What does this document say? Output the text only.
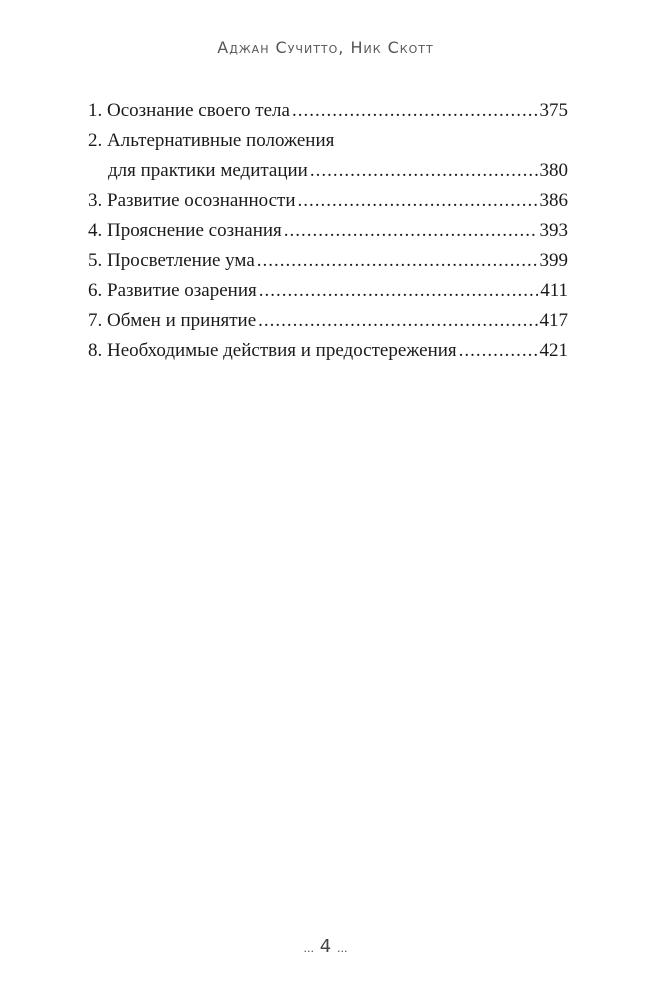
Аджан Сучитто, Ник Скотт
1. Осознание своего тела .....	375
2. Альтернативные положения
для практики медитации .....	380
3. Развитие осознанности .....	386
4. Прояснение сознания .....	393
5. Просветление ума .....	399
6. Развитие озарения .....	411
7. Обмен и принятие .....	417
8. Необходимые действия и предостережения .....	421
... 4 ...
